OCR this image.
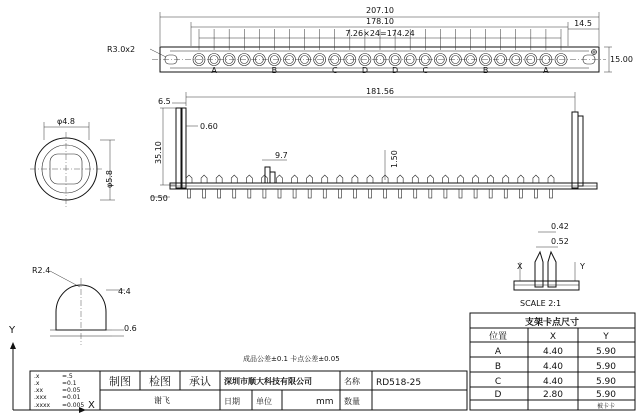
207.10
178.10	14.5
7.26×24=174.24
R3.0x2
A	B	C	D	D	C	B	A
15.00
181.56
6.5
0.60
35.10	9.7	1.50
0.50
φ4.8
φ5.8
R2.4
4.4
0.6
0.42
0.52
X	Y
SCALE 2:1
支架卡点尺寸
位置	X	Y
A	4.40	5.90
B	4.40	5.90
C	4.40	5.90
D	2.80	5.90
被卡卡
Y
X
成品公差±0.1 卡点公差±0.05
.x	=.5
.x	=0.1
.xx	=0.05
.xxx	=0.01
.xxxx =0.005
制图 检图 承认
谢飞
深圳市顺大科技有限公司	名称 RD518-25
日期 单位	mm 数量
